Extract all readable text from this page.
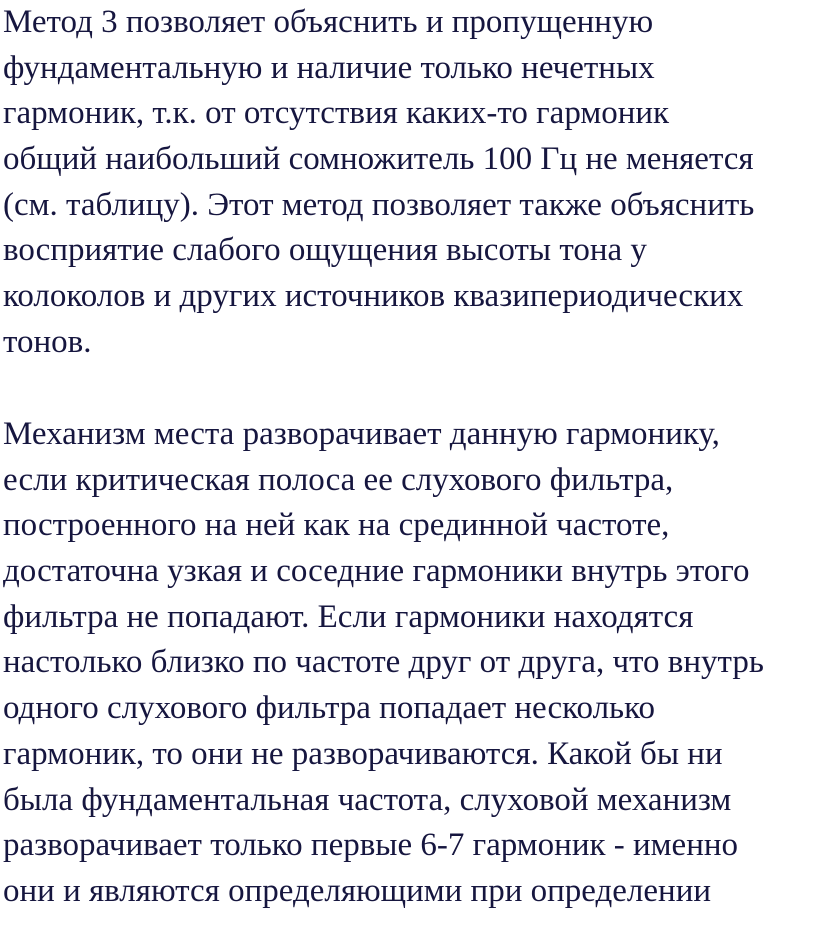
Метод 3 позволяет объяснить и пропущенную
фундаментальную и наличие только нечетных
гармоник, т.к. от отсутствия каких-то гармоник
общий наибольший сомножитель 100 Гц не меняется
(см. таблицу). Этот метод позволяет также объяснить
восприятие слабого ощущения высоты тона у
колоколов и других источников квазипериодических
тонов.
Механизм места разворачивает данную гармонику,
если критическая полоса ее слухового фильтра,
построенного на ней как на срединной частоте,
достаточна узкая и соседние гармоники внутрь этого
фильтра не попадают. Если гармоники находятся
настолько близко по частоте друг от друга, что внутрь
одного слухового фильтра попадает несколько
гармоник, то они не разворачиваются. Какой бы ни
была фундаментальная частота, слуховой механизм
разворачивает только первые 6-7 гармоник - именно
они и являются определяющими при определении
